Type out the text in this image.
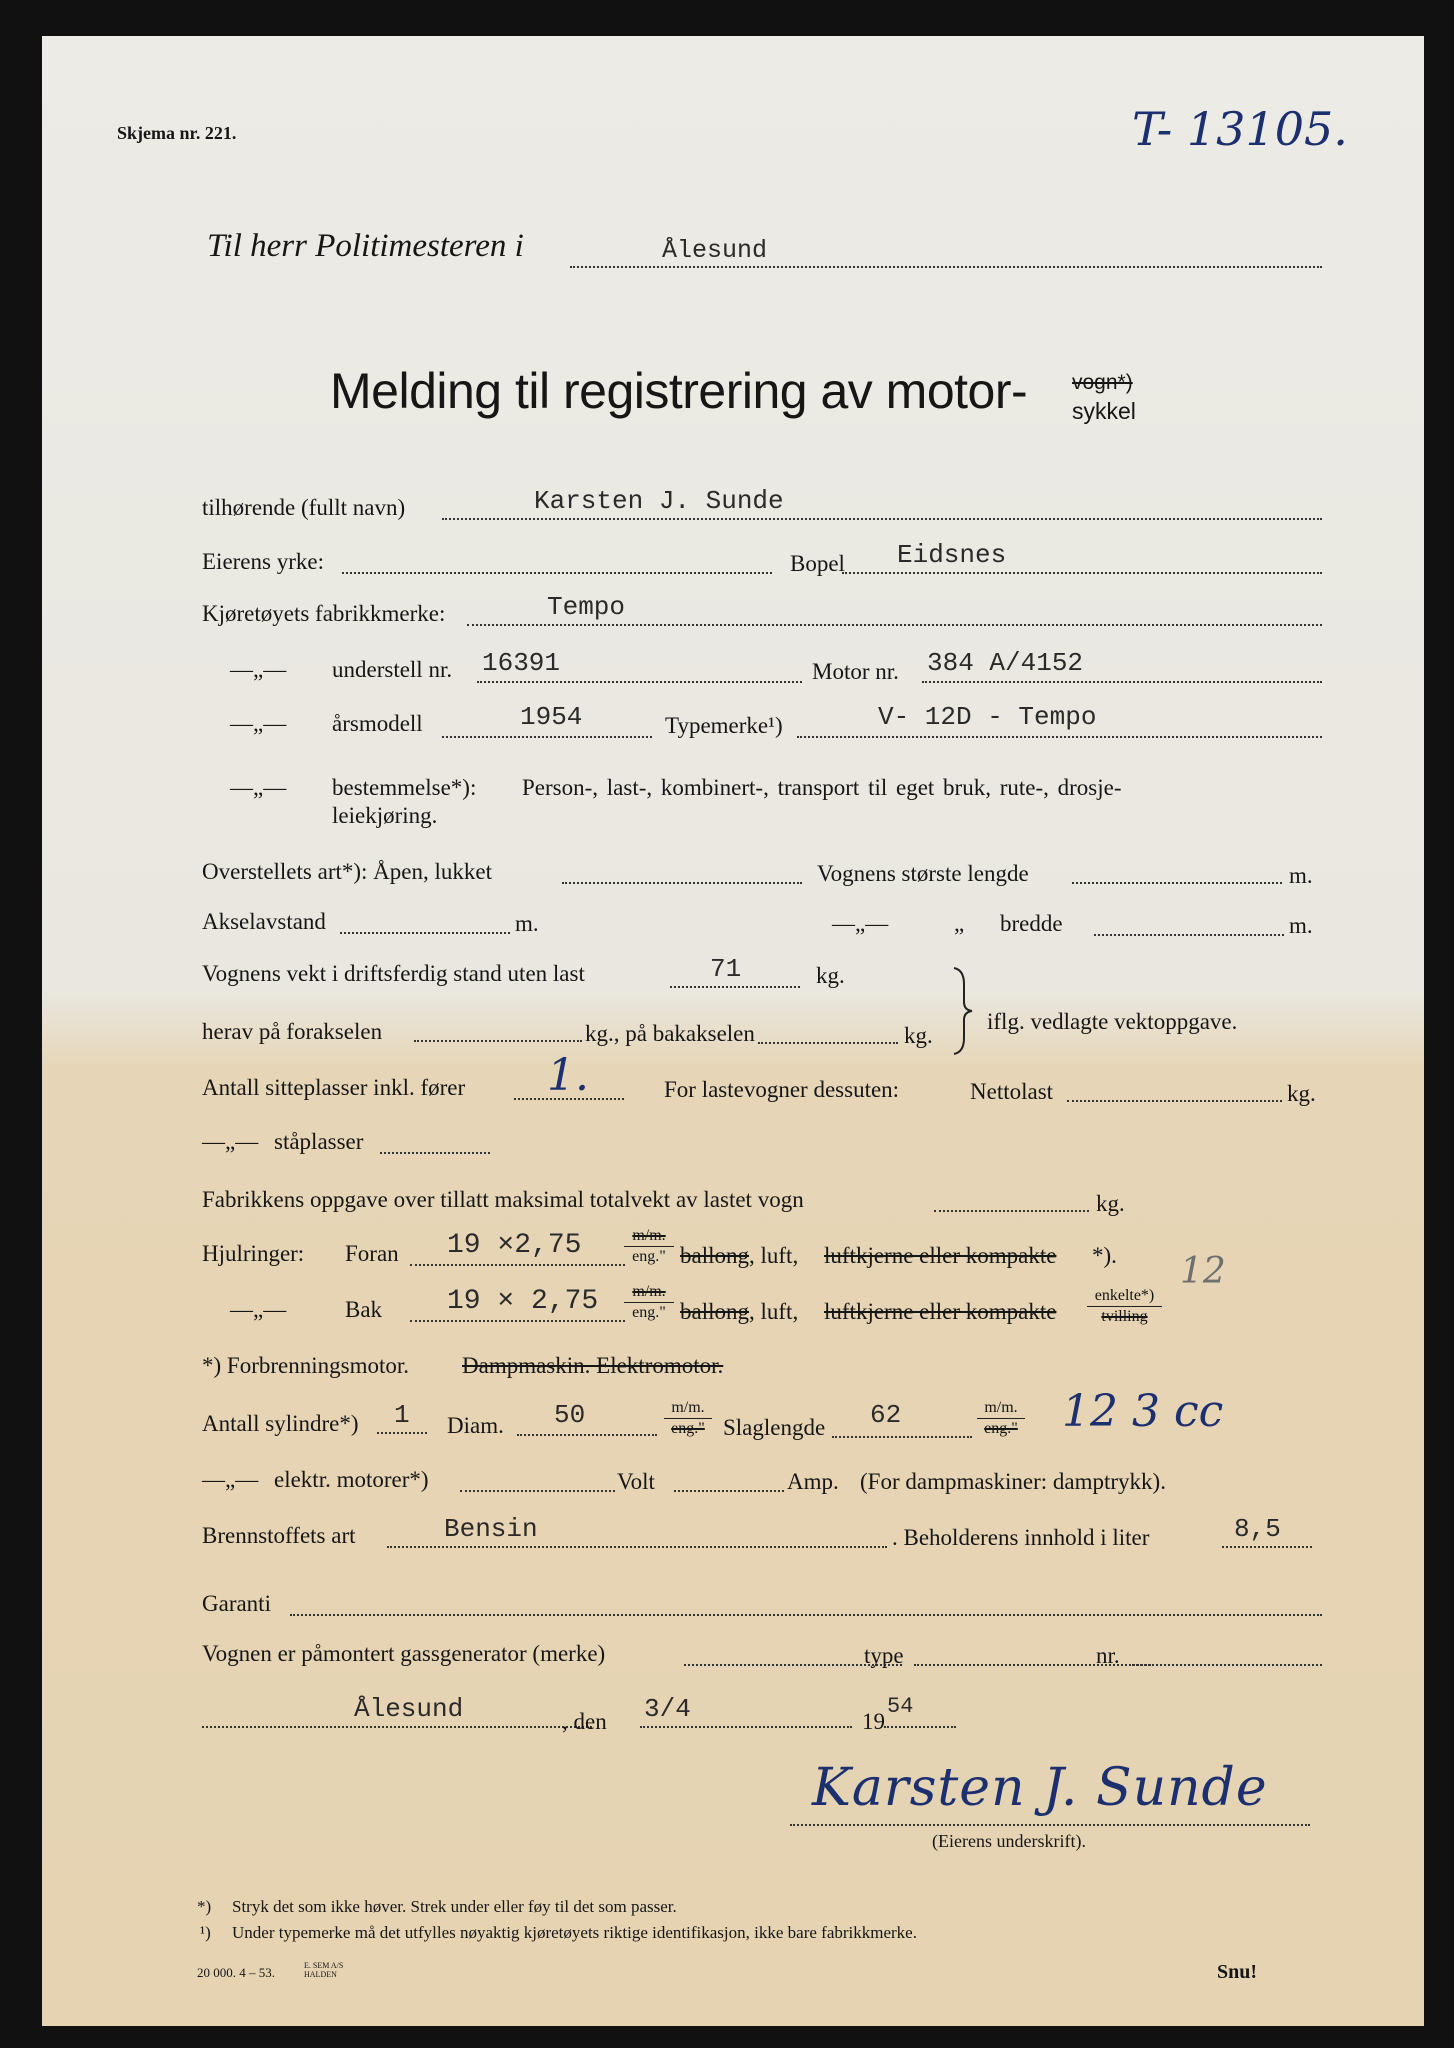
Skjema nr. 221.	T- 13105.
Til herr Politimesteren i	Ålesund
Melding til registrering av motor- vogn*)
sykkel
tilhørende (fullt navn)	Karsten J. Sunde
Eierens yrke:	Bopel Eidsnes
Kjøretøyets fabrikkmerke:	Tempo
—„— understell nr. 16391	Motor nr. 384 A/4152
—„— årsmodell	1954	Typemerke¹)	V- 12D - Tempo
—„— bestemmelse*): Person-, last-, kombinert-, transport til eget bruk, rute-, drosje-
leiekjøring.
Overstellets art*): Åpen, lukket	Vognens største lengde	m.
Akselavstand	m.	—„—	„ bredde	m.
Vognens vekt i driftsferdig stand uten last	71	kg.
herav på forakselen	kg., på bakakselen	kg.
iflg. vedlagte vektoppgave.
Antall sitteplasser inkl. fører 1.	For lastevogner dessuten:	Nettolast	kg.
—„— ståplasser
Fabrikkens oppgave over tillatt maksimal totalvekt av lastet vogn	kg.
Hjulringer: Foran 19 ×2,75	m/m.
eng." ballong, luft, luftkjerne eller kompakte *). 12
—„—	Bak 19 × 2,75	m/m.
eng." ballong, luft, luftkjerne eller kompakte
enkelte*)
tvilling
*) Forbrenningsmotor. Dampmaskin. Elektromotor.
Antall sylindre*) 1 Diam. 50	m/m.
eng." Slaglengde 62	m/m.
eng." 12 3 cc
—„— elektr. motorer*)	Volt	Amp. (For dampmaskiner: damptrykk).
Brennstoffets art	Bensin	. Beholderens innhold i liter	8,5
Garanti
Vognen er påmontert gassgenerator (merke)	type	nr.
Ålesund	, den 3/4	19
54
Karsten J. Sunde
(Eierens underskrift).
*) Stryk det som ikke høver. Strek under eller føy til det som passer.
¹) Under typemerke må det utfylles nøyaktig kjøretøyets riktige identifikasjon, ikke bare fabrikkmerke.
20 000. 4 – 53.	E. SEM A/S HALDEN	Snu!
